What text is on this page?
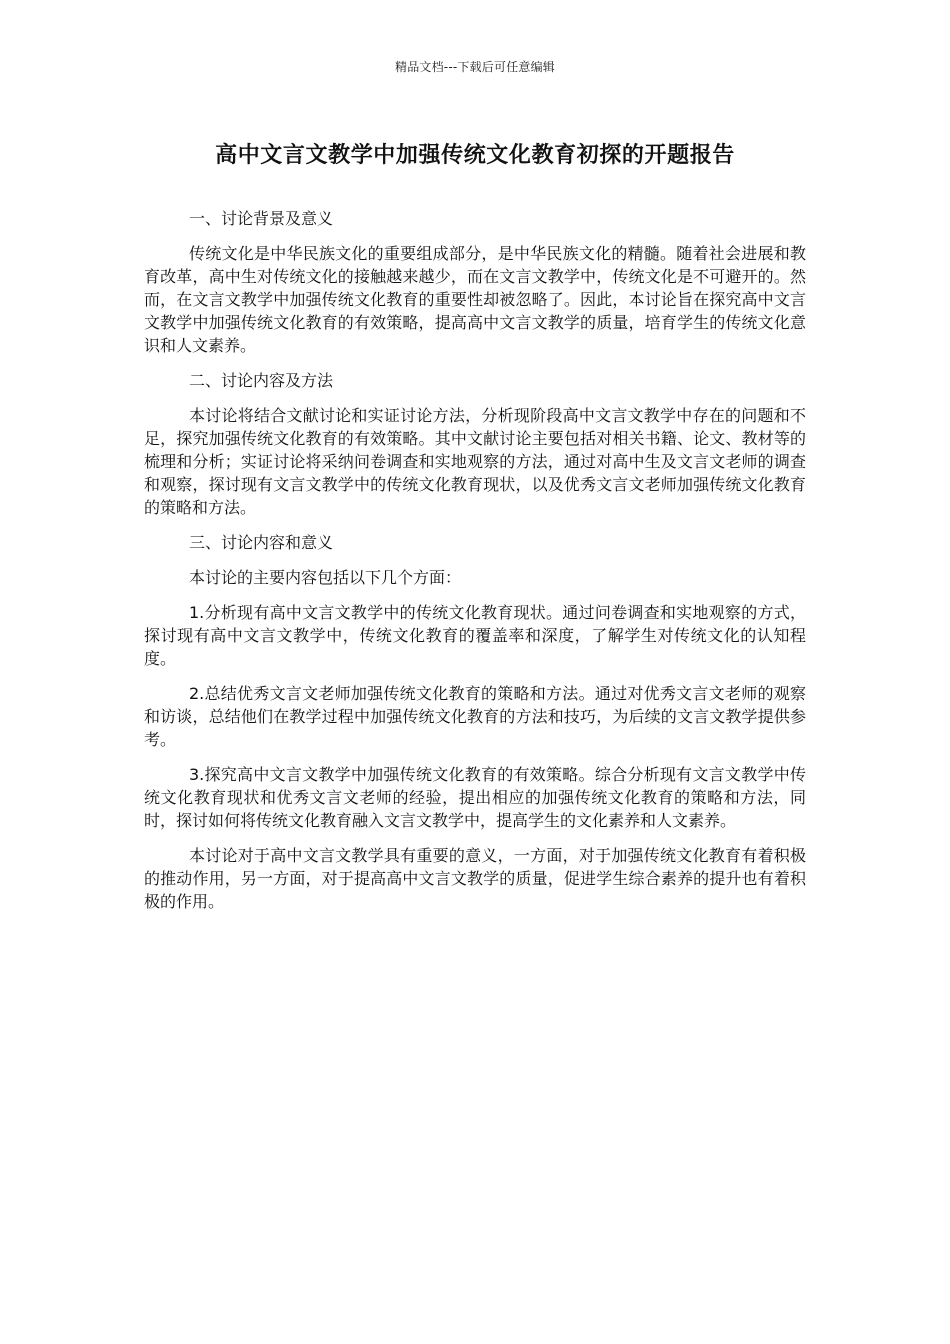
精品文档---下载后可任意编辑
高中文言文教学中加强传统文化教育初探的开题报告

一、讨论背景及意义

传统文化是中华民族文化的重要组成部分，是中华民族文化的精髓。随着社会进展和教育改革，高中生对传统文化的接触越来越少，而在文言文教学中，传统文化是不可避开的。然而，在文言文教学中加强传统文化教育的重要性却被忽略了。因此，本讨论旨在探究高中文言文教学中加强传统文化教育的有效策略，提高高中文言文教学的质量，培育学生的传统文化意识和人文素养。

二、讨论内容及方法

本讨论将结合文献讨论和实证讨论方法，分析现阶段高中文言文教学中存在的问题和不足，探究加强传统文化教育的有效策略。其中文献讨论主要包括对相关书籍、论文、教材等的梳理和分析；实证讨论将采纳问卷调查和实地观察的方法，通过对高中生及文言文老师的调查和观察，探讨现有文言文教学中的传统文化教育现状，以及优秀文言文老师加强传统文化教育的策略和方法。

三、讨论内容和意义

本讨论的主要内容包括以下几个方面：

1.分析现有高中文言文教学中的传统文化教育现状。通过问卷调查和实地观察的方式，探讨现有高中文言文教学中，传统文化教育的覆盖率和深度，了解学生对传统文化的认知程度。

2.总结优秀文言文老师加强传统文化教育的策略和方法。通过对优秀文言文老师的观察和访谈，总结他们在教学过程中加强传统文化教育的方法和技巧，为后续的文言文教学提供参考。

3.探究高中文言文教学中加强传统文化教育的有效策略。综合分析现有文言文教学中传统文化教育现状和优秀文言文老师的经验，提出相应的加强传统文化教育的策略和方法，同时，探讨如何将传统文化教育融入文言文教学中，提高学生的文化素养和人文素养。

本讨论对于高中文言文教学具有重要的意义，一方面，对于加强传统文化教育有着积极的推动作用，另一方面，对于提高高中文言文教学的质量，促进学生综合素养的提升也有着积极的作用。
